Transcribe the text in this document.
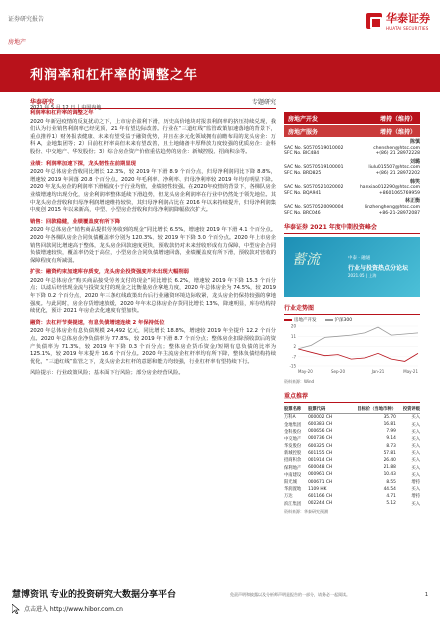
证券研究报告
房地产
华泰证券
HUATAI SECURITIES
利润率和杠杆率的调整之年
华泰研究	专题研究
2021 年 5 月 12 日 │ 中国内地
利润率和杠杆率的调整之年

2020 年新冠疫情的反复扰动之下，上市房企盈利下滑，历史高价地块对报表利润率的挤压持续兑现，我们认为行业销售利润率已经见顶，21 年有望边际改善。行业在“三道红线”监管政策加速落地的背景下，重点推荐1）财务报表健康、未来有望受益于融资优势，并且在多元化领域拥有前瞻布局的龙头房企：万科 A，金地集团等；2）目前杠杆率高但未来有望改善，且土地储备丰厚释放力度较强的优质房企：金科股份、中交地产、华发股份；3）综合房企资产价值重估趋势的房企：新城控股、招商积余等。

业绩：利润率加速下探，龙头韧性在前期显现

2020 年总体房企营收同比增长 12.3%，较 2019 年下滑 8.9 个百分点，归母净利润同比下降 8.8%，增速较 2019 年回落 20.8 个百分点。2020 年毛利率、净利率、归母净利率较 2019 年均有明显下降。2020 年龙头房企的利润率下滑幅度小于行业均值，业绩韧性较强。在2020年疫情的背景下，各梯队房企业绩增速均出现分化，房企利润率整体延续下滑趋势，但龙头房企利润率在行业中仍然处于领先地位。其中龙头房企营收和归母净利润增速维持较快，其归母净利润占比在 2016 年以来持续提升，归母净利润集中度创 2015 年以来新高，中型、小型房企营收和归母净利润降幅依次扩大。

销售：回款稳健，业绩覆盖度有所下降

2020 年总体房企“销售商品提供劳务收到的现金”同比增长 6.5%，增速较 2019 年下滑 4.1 个百分点。2020 年各梯队房企合同负债覆盖率分别为 120.3%、较 2019 年下降 3.0 个百分点。2020 年上市房企销售回款同比增速高于整体，龙头房企回款速度更快，预收款仍对未来营收形成有力保障，中型房企合同负债增速较快，覆盖率仍处于高位，小型房企合同负债增速回落，业绩覆盖度有所下滑，预收款对营收的保障程度有所减弱。

扩张：融资约束加速库存质变，龙头房企投资强度并未出现大幅削弱

2020 年总体房企“购买商品接受劳务支付的现金”同比增长 6.2%，增速较 2019 年下降 15.3 个百分点；以滤后经营现金流与投资支付的现金之比衡量房企拿地力度，2020 年总体房企为 74.5%，较 2019 年下降 0.2 个百分点，2020 年三条红线政策出台后行业融资环境边际收紧，龙头房企仍保持较强的拿地强度。与此同时，房企存货增速放缓，2020 年年末总体房企存货同比增长 13%，降速明显，库存结构持续优化，预计 2021 年房企去化速度有望加快。

融资：去杠杆节奏提速，有息负债增速连续 2 年保持低位

2020 年总体房企有息负债规模 24,492 亿元，同比增长 18.8%，增速较 2019 年全提升 12.2 个百分点。2020 年总体房企净负债率为 77.8%，较 2019 年下滑 8.7 个百分点；整体房企扣除预收款后的资产负债率为 71.3%，较 2019 年下降 0.3 个百分点；整体房企货币资金/短期有息负债的比率为 125.1%，较 2019 年末提升 16.6 个百分点。2020 年主流房企杠杆率均有所下降，整体负债结构持续优化，“三道红线”监管之下，龙头房企去杠杆的意愿和能力均较强，行业杠杆率有望持续下行。

风险提示：行业政策风险；基本面下行风险；部分房企经营风险。

房地产开发	增持（维持）
房地产服务	增持（维持）
陈慎
SAC No. S0570519010002	chenshen@htsc.com
SFC No. BIC484	+(86) 21 28972228
刘璐
SAC No. S0570519100001	liulu015507@htsc.com
SFC No. BRD825	+(86) 21 28972202
韩笑
SAC No. S0570521020002	hanxiao012290@htsc.com
SFC No. BQA941	+8601065769959
林正衡
SAC No. S0570520090004	linzhengheng@htsc.com
SFC No. BRC046	+86-21-28972087
华泰证券 2021 年度中期投资峰会
蓄流	中泰 · 融通
行业与投资热点分论坛
2021.05 | 上海
行业走势图
房地产开发	沪深300
20
11
2
-7
-15
May-20	Sep-20	Jan-21	May-21
资料来源：Wind
重点推荐
股票名称	股票代码	目标价（当地币种）	投资评级
万科A	000002 CH	35.70	买入
金地集团	600383 CH	16.81	买入
金科股份	000656 CH	7.99	买入
中交地产	000736 CH	9.14	买入
华发股份	600325 CH	8.73	买入
新城控股	601155 CH	57.81	买入
招商积余	001914 CH	26.40	买入
保利地产	600048 CH	21.88	买入
中南建设	000961 CH	10.43	买入
阳光城	000671 CH	8.55	增持
华润置地	1109 HK	44.54	买入
万达	601166 CH	4.71	增持
滨江集团	002244 CH	5.12	买入
资料来源：华泰研究预测
免责声明和披露以及分析师声明是报告的一部分，请务必一起阅读。	1
慧博资讯 专业的投资研究大数据分享平台
点击进入 http://www.hibor.com.cn
